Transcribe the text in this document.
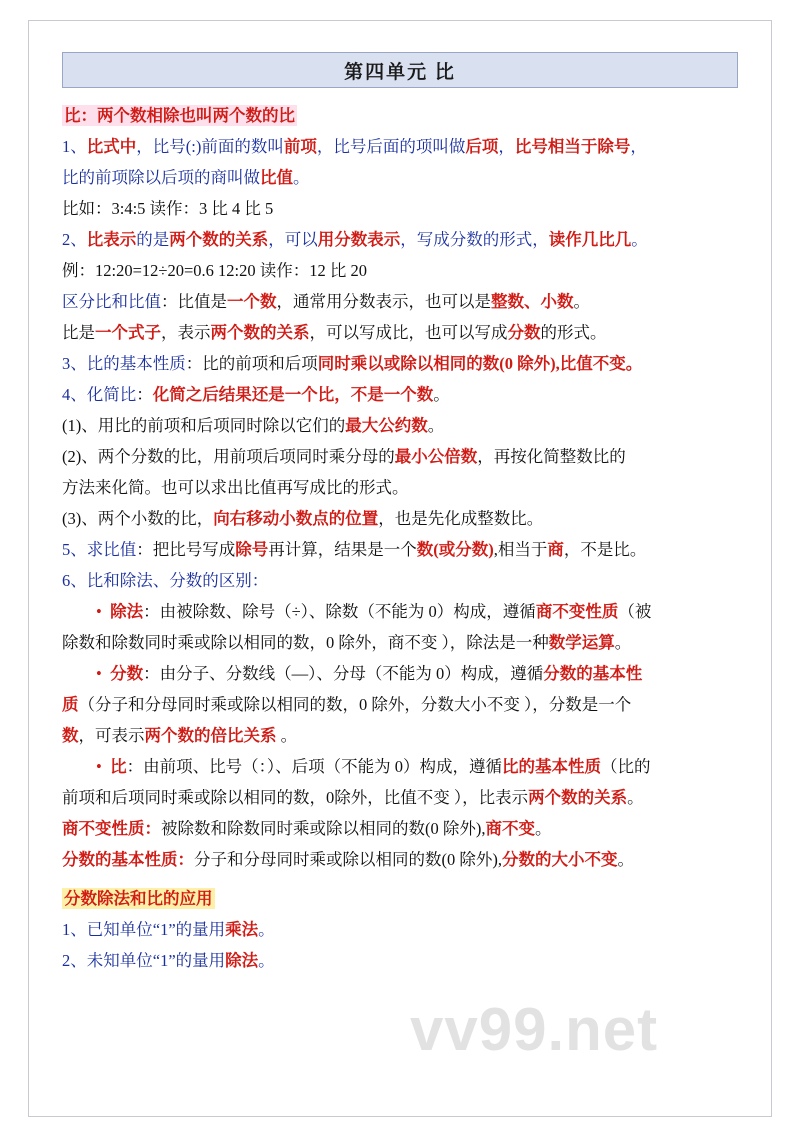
第四单元 比
比：两个数相除也叫两个数的比
1、比式中，比号(:)前面的数叫前项，比号后面的项叫做后项，比号相当于除号，
比的前项除以后项的商叫做比值。
比如：3:4:5 读作：3 比 4 比 5
2、比表示的是两个数的关系，可以用分数表示，写成分数的形式，读作几比几。
例：12:20=12÷20=0.6 12:20 读作：12 比 20
区分比和比值：比值是一个数，通常用分数表示，也可以是整数、小数。
比是一个式子，表示两个数的关系，可以写成比，也可以写成分数的形式。
3、比的基本性质：比的前项和后项同时乘以或除以相同的数(0 除外),比值不变。
4、化简比：化简之后结果还是一个比，不是一个数。
(1)、用比的前项和后项同时除以它们的最大公约数。
(2)、两个分数的比，用前项后项同时乘分母的最小公倍数，再按化简整数比的
方法来化简。也可以求出比值再写成比的形式。
(3)、两个小数的比，向右移动小数点的位置，也是先化成整数比。
5、求比值：把比号写成除号再计算，结果是一个数(或分数),相当于商，不是比。
6、比和除法、分数的区别：
• 除法：由被除数、除号（÷）、除数（不能为 0）构成，遵循商不变性质（被
除数和除数同时乘或除以相同的数，0 除外，商不变 ），除法是一种数学运算。
• 分数：由分子、分数线（—）、分母（不能为 0）构成，遵循分数的基本性
质（分子和分母同时乘或除以相同的数，0 除外，分数大小不变 ），分数是一个
数，可表示两个数的倍比关系 。
• 比：由前项、比号（：）、后项（不能为 0）构成，遵循比的基本性质（比的
前项和后项同时乘或除以相同的数，0除外，比值不变 ），比表示两个数的关系。
商不变性质：被除数和除数同时乘或除以相同的数(0 除外),商不变。
分数的基本性质：分子和分母同时乘或除以相同的数(0 除外),分数的大小不变。
分数除法和比的应用
1、已知单位“1”的量用乘法。
2、未知单位“1”的量用除法。
vv99.net
